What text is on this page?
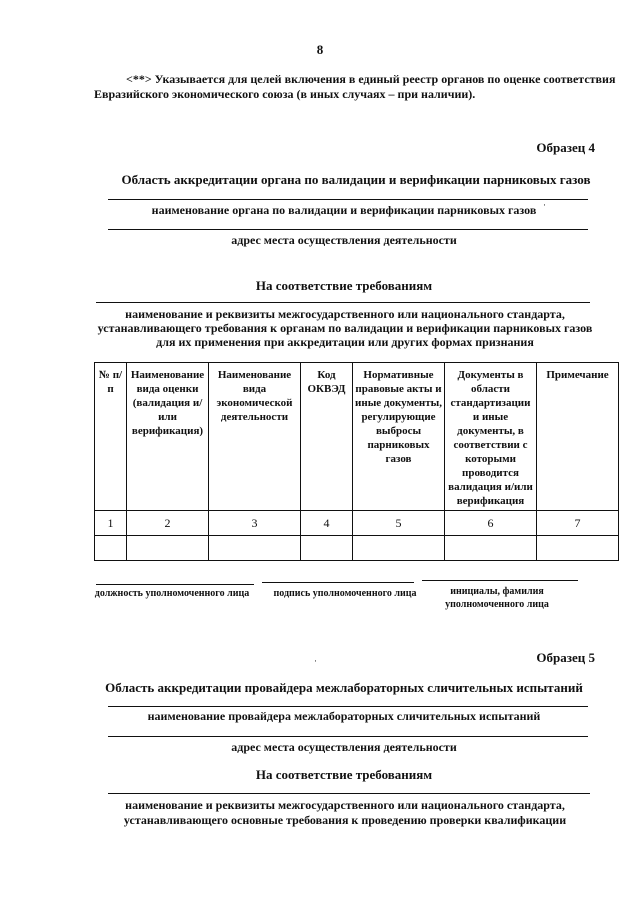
8
<**> Указывается для целей включения в единый реестр органов по оценке соответствия
Евразийского экономического союза (в иных случаях – при наличии).
Образец 4
Область аккредитации органа по валидации и верификации парниковых газов
наименование органа по валидации и верификации парниковых газов ·
адрес места осуществления деятельности
На соответствие требованиям
наименование и реквизиты межгосударственного или национального стандарта,
устанавливающего требования к органам по валидации и верификации парниковых газов
для их применения при аккредитации или других формах признания
№ п/п	Наименование вида оценки (валидация и/или верификация)	Наименование вида экономической деятельности	Код ОКВЭД	Нормативные правовые акты и иные документы, регулирующие выбросы парниковых газов	Документы в области стандартизации и иные документы, в соответствии с которыми проводится валидация и/или верификация	Примечание
1	2	3	4	5	6	7

должность уполномоченного лица	подпись уполномоченного лица	инициалы, фамилия уполномоченного лица
·	Образец 5
Область аккредитации провайдера межлабораторных сличительных испытаний
наименование провайдера межлабораторных сличительных испытаний
адрес места осуществления деятельности
На соответствие требованиям
наименование и реквизиты межгосударственного или национального стандарта,
устанавливающего основные требования к проведению проверки квалификации
